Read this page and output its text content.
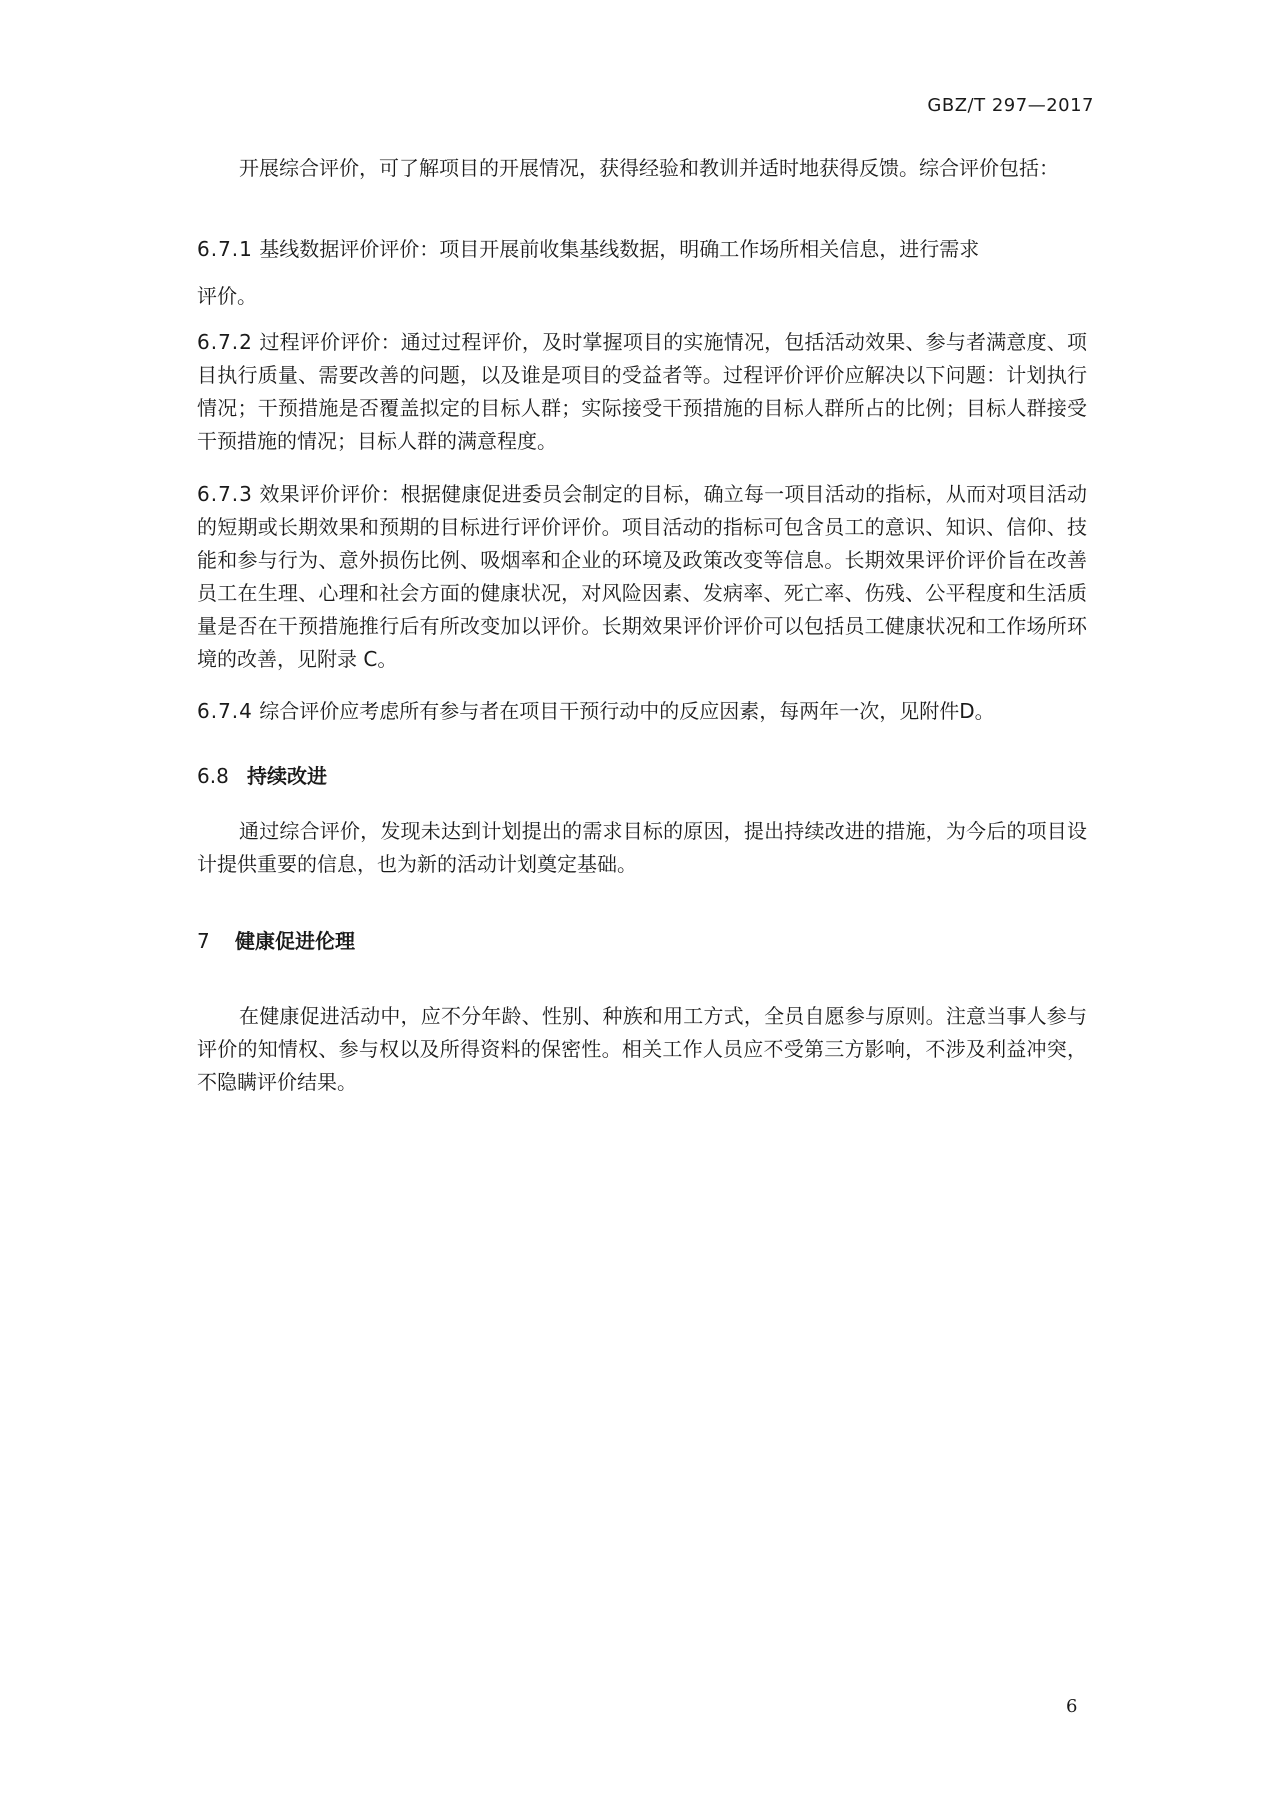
GBZ/T 297—2017

开展综合评价，可了解项目的开展情况，获得经验和教训并适时地获得反馈。综合评价包括：

6.7.1 基线数据评价评价：项目开展前收集基线数据，明确工作场所相关信息，进行需求

评价。

6.7.2 过程评价评价：通过过程评价，及时掌握项目的实施情况，包括活动效果、参与者满意度、项目执行质量、需要改善的问题，以及谁是项目的受益者等。过程评价评价应解决以下问题：计划执行情况；干预措施是否覆盖拟定的目标人群；实际接受干预措施的目标人群所占的比例；目标人群接受干预措施的情况；目标人群的满意程度。

6.7.3 效果评价评价：根据健康促进委员会制定的目标，确立每一项目活动的指标，从而对项目活动的短期或长期效果和预期的目标进行评价评价。项目活动的指标可包含员工的意识、知识、信仰、技能和参与行为、意外损伤比例、吸烟率和企业的环境及政策改变等信息。长期效果评价评价旨在改善员工在生理、心理和社会方面的健康状况，对风险因素、发病率、死亡率、伤残、公平程度和生活质量是否在干预措施推行后有所改变加以评价。长期效果评价评价可以包括员工健康状况和工作场所环境的改善，见附录 C。

6.7.4 综合评价应考虑所有参与者在项目干预行动中的反应因素，每两年一次，见附件D。

6.8 持续改进

通过综合评价，发现未达到计划提出的需求目标的原因，提出持续改进的措施，为今后的项目设计提供重要的信息，也为新的活动计划奠定基础。

7 健康促进伦理

在健康促进活动中，应不分年龄、性别、种族和用工方式，全员自愿参与原则。注意当事人参与评价的知情权、参与权以及所得资料的保密性。相关工作人员应不受第三方影响，不涉及利益冲突，不隐瞒评价结果。

6
